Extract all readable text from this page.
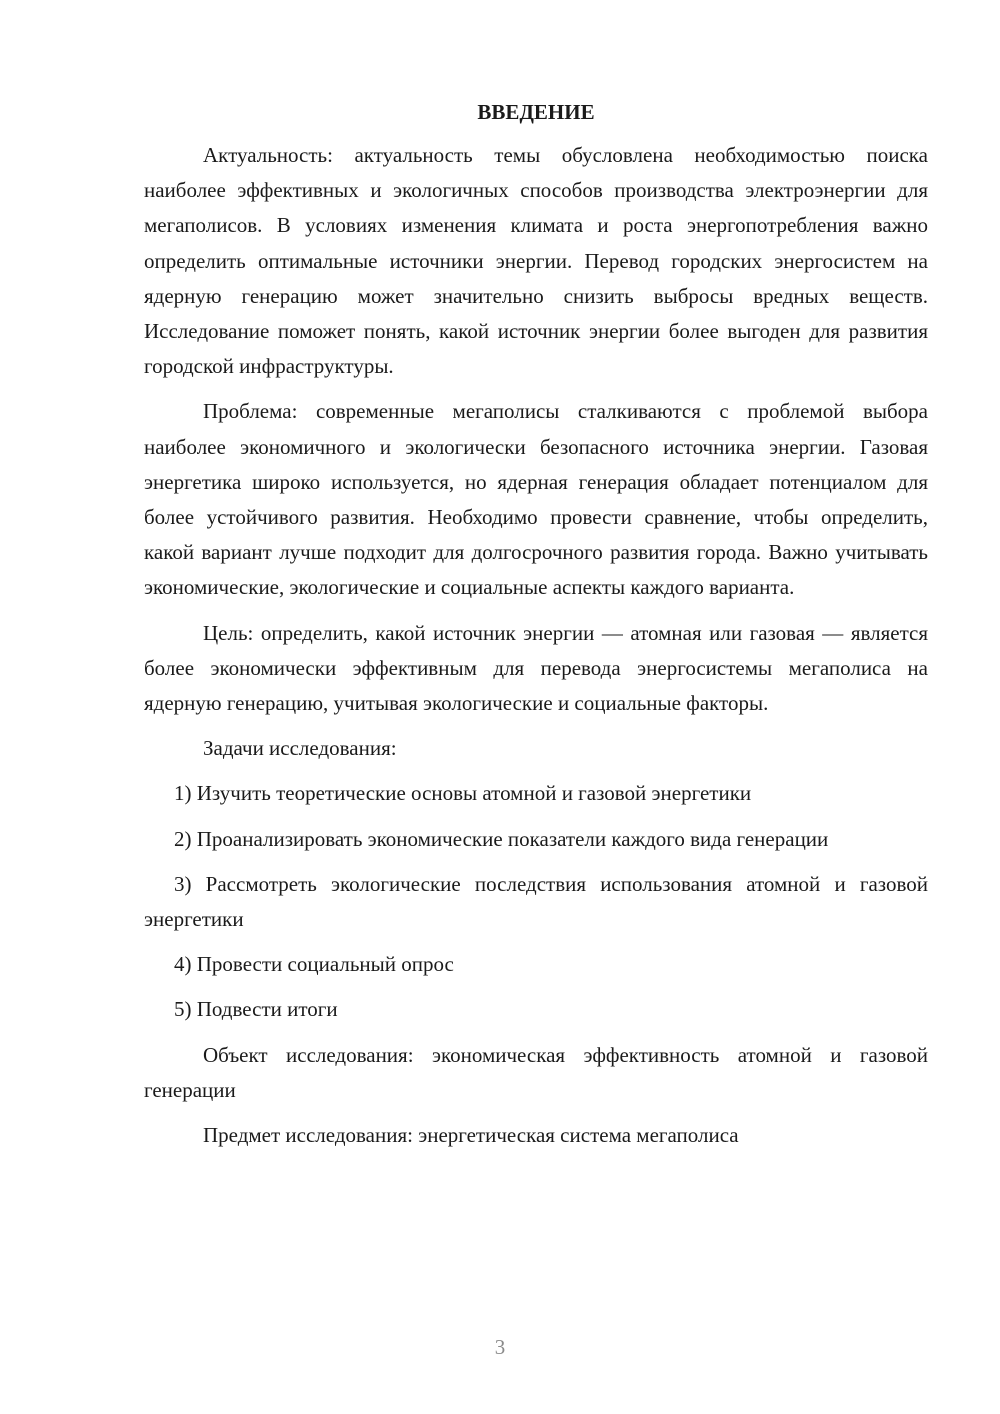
ВВЕДЕНИЕ

Актуальность: актуальность темы обусловлена необходимостью поиска наиболее эффективных и экологичных способов производства электроэнергии для мегаполисов. В условиях изменения климата и роста энергопотребления важно определить оптимальные источники энергии. Перевод городских энергосистем на ядерную генерацию может значительно снизить выбросы вредных веществ. Исследование поможет понять, какой источник энергии более выгоден для развития городской инфраструктуры.

Проблема: современные мегаполисы сталкиваются с проблемой выбора наиболее экономичного и экологически безопасного источника энергии. Газовая энергетика широко используется, но ядерная генерация обладает потенциалом для более устойчивого развития. Необходимо провести сравнение, чтобы определить, какой вариант лучше подходит для долгосрочного развития города. Важно учитывать экономические, экологические и социальные аспекты каждого варианта.

Цель: определить, какой источник энергии — атомная или газовая — является более экономически эффективным для перевода энергосистемы мегаполиса на ядерную генерацию, учитывая экологические и социальные факторы.

Задачи исследования:

1) Изучить теоретические основы атомной и газовой энергетики

2) Проанализировать экономические показатели каждого вида генерации

3) Рассмотреть экологические последствия использования атомной и газовой энергетики

4) Провести социальный опрос

5) Подвести итоги

Объект исследования: экономическая эффективность атомной и газовой генерации

Предмет исследования: энергетическая система мегаполиса

3
